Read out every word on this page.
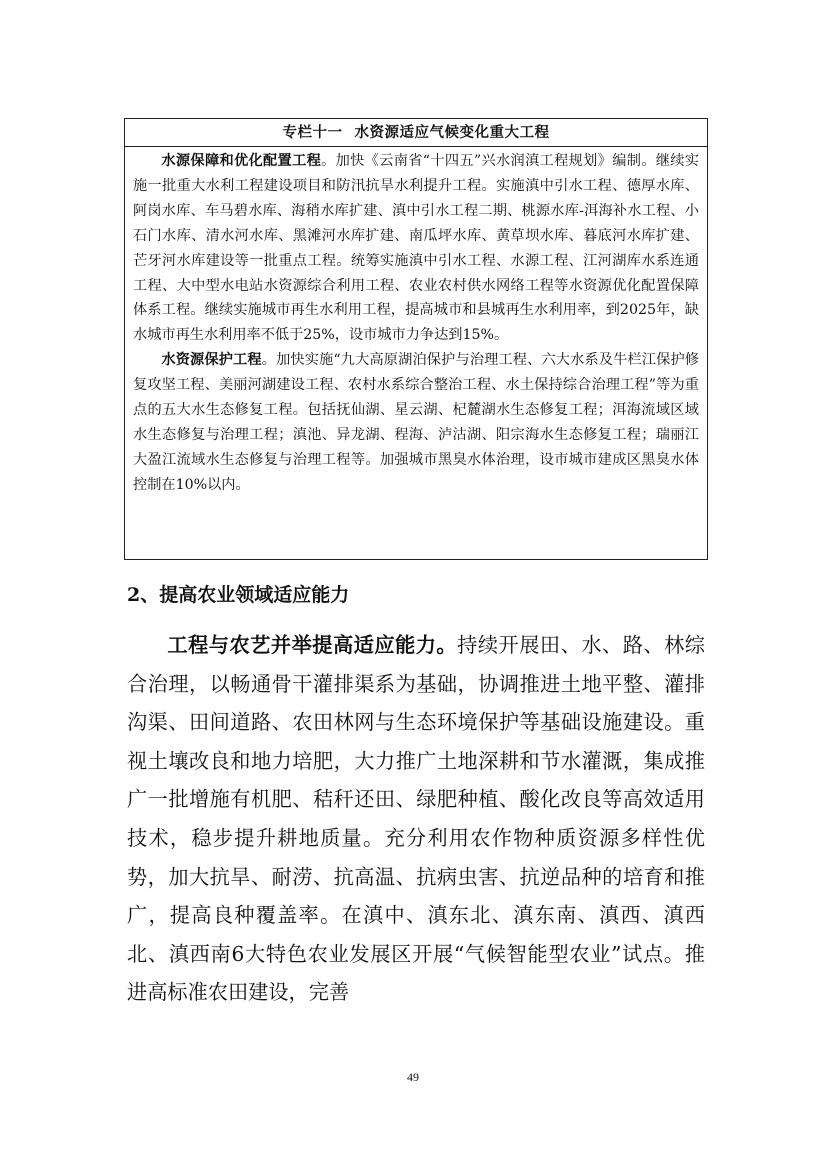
专栏十一 水资源适应气候变化重大工程

水源保障和优化配置工程。加快《云南省“十四五”兴水润滇工程规划》编制。继续实施一批重大水利工程建设项目和防汛抗旱水利提升工程。实施滇中引水工程、德厚水库、阿岗水库、车马碧水库、海稍水库扩建、滇中引水工程二期、桃源水库-洱海补水工程、小石门水库、清水河水库、黑滩河水库扩建、南瓜坪水库、黄草坝水库、暮底河水库扩建、芒牙河水库建设等一批重点工程。统筹实施滇中引水工程、水源工程、江河湖库水系连通工程、大中型水电站水资源综合利用工程、农业农村供水网络工程等水资源优化配置保障体系工程。继续实施城市再生水利用工程，提高城市和县城再生水利用率，到2025年，缺水城市再生水利用率不低于25%，设市城市力争达到15%。

水资源保护工程。加快实施“九大高原湖泊保护与治理工程、六大水系及牛栏江保护修复攻坚工程、美丽河湖建设工程、农村水系综合整治工程、水土保持综合治理工程”等为重点的五大水生态修复工程。包括抚仙湖、星云湖、杞麓湖水生态修复工程；洱海流域区域水生态修复与治理工程；滇池、异龙湖、程海、泸沽湖、阳宗海水生态修复工程；瑞丽江大盈江流域水生态修复与治理工程等。加强城市黑臭水体治理，设市城市建成区黑臭水体控制在10%以内。

2、提高农业领域适应能力

工程与农艺并举提高适应能力。持续开展田、水、路、林综合治理，以畅通骨干灌排渠系为基础，协调推进土地平整、灌排沟渠、田间道路、农田林网与生态环境保护等基础设施建设。重视土壤改良和地力培肥，大力推广土地深耕和节水灌溉，集成推广一批增施有机肥、秸秆还田、绿肥种植、酸化改良等高效适用技术，稳步提升耕地质量。充分利用农作物种质资源多样性优势，加大抗旱、耐涝、抗高温、抗病虫害、抗逆品种的培育和推广，提高良种覆盖率。在滇中、滇东北、滇东南、滇西、滇西北、滇西南6大特色农业发展区开展“气候智能型农业”试点。推进高标准农田建设，完善

49
